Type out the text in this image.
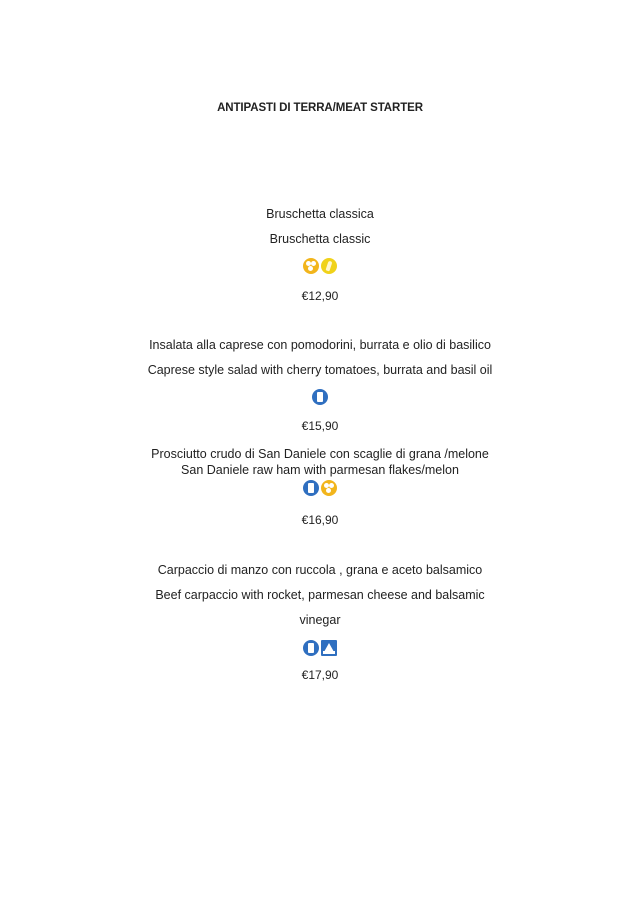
ANTIPASTI DI TERRA/MEAT STARTER
Bruschetta classica
Bruschetta classic
€12,90
Insalata alla caprese con pomodorini, burrata e olio di basilico
Caprese style salad with cherry tomatoes, burrata and basil oil
€15,90
Prosciutto crudo di San Daniele con scaglie di grana /melone
San Daniele raw ham with parmesan flakes/melon
€16,90
Carpaccio di manzo con ruccola , grana e aceto balsamico
Beef carpaccio with rocket, parmesan cheese and balsamic
vinegar
€17,90
